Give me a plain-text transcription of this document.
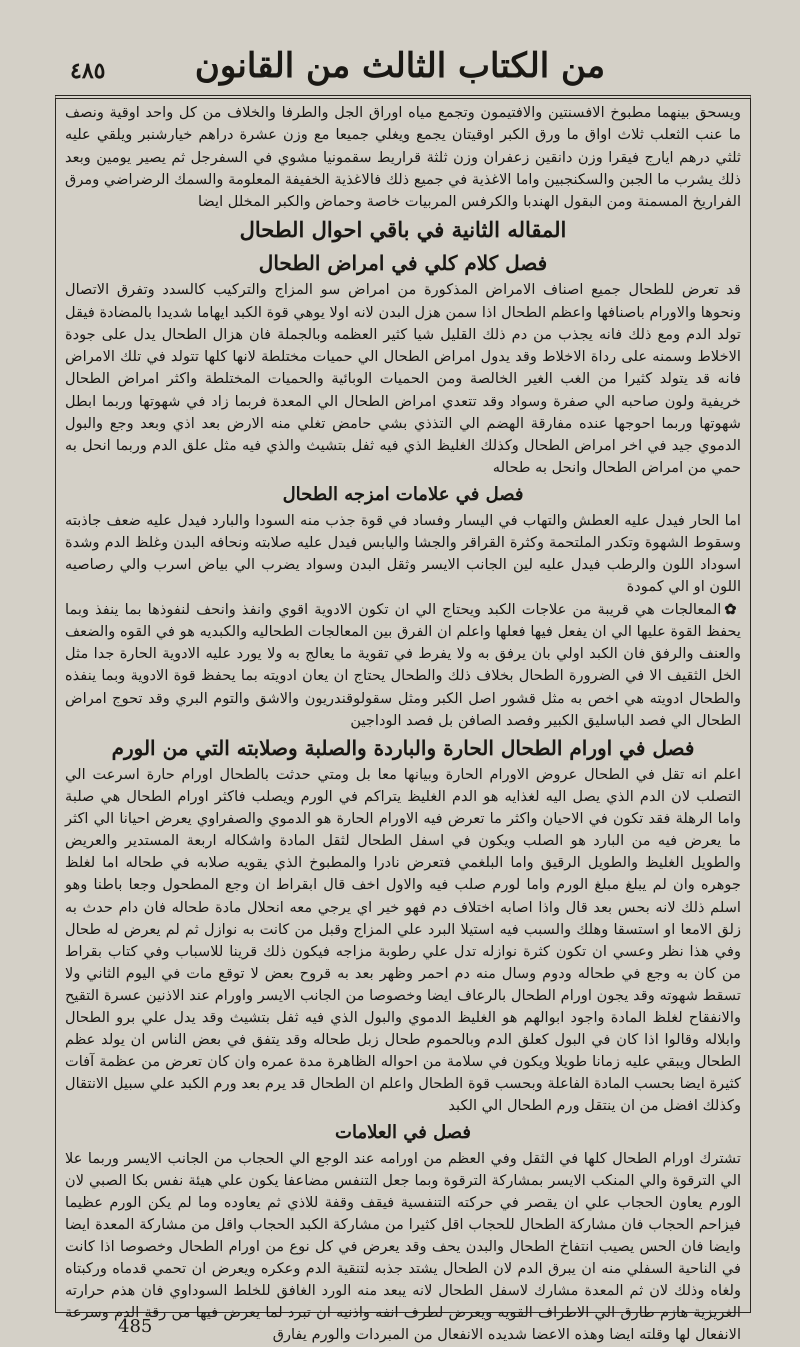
٤٨٥	من الكتاب الثالث من القانون

ويسحق بينهما مطبوخ الافسنتين والافتيمون وتجمع مياه اوراق الجل والطرفا والخلاف من كل واحد اوقية ونصف ما عنب الثعلب ثلاث اواق ما ورق الكبر اوقيتان يجمع ويغلي جميعا مع وزن عشرة دراهم خيارشنبر ويلقي عليه ثلثي درهم ايارج فيقرا وزن دانقين زعفران وزن ثلثة قراريط سقمونيا مشوي في السفرجل ثم يصير يومين وبعد ذلك يشرب ما الجبن والسكنجبين واما الاغذية في جميع ذلك فالاغذية الخفيفة المعلومة والسمك الرضراضي ومرق الفراريخ المسمنة ومن البقول الهندبا والكرفس المربيات خاصة وحماض والكبر المخلل ايضا

المقاله الثانية في باقي احوال الطحال

فصل كلام كلي في امراض الطحال

قد تعرض للطحال جميع اصناف الامراض المذكورة من امراض سو المزاج والتركيب كالسدد وتفرق الاتصال ونحوها والاورام باصنافها واعظم الطحال اذا سمن هزل البدن لانه اولا يوهي قوة الكبد ايهاما شديدا بالمضادة فيقل تولد الدم ومع ذلك فانه يجذب من دم ذلك القليل شيا كثير العظمه وبالجملة فان هزال الطحال يدل على جودة الاخلاط وسمنه على رداة الاخلاط وقد يدول امراض الطحال الي حميات مختلطة لانها كلها تتولد في تلك الامراض فانه قد يتولد كثيرا من الغب الغير الخالصة ومن الحميات الوبائية والحميات المختلطة واكثر امراض الطحال خريفية ولون صاحبه الي صفرة وسواد وقد تتعدي امراض الطحال الي المعدة فربما زاد في شهوتها وربما ابطل شهوتها وربما احوجها عنده مفارقة الهضم الي التذذي بشي حامض تغلي منه الارض بعد اذي وبعد وجع والبول الدموي جيد في اخر امراض الطحال وكذلك الغليظ الذي فيه ثفل بتشيث والذي فيه مثل علق الدم وربما انحل به حمي من امراض الطحال وانحل به طحاله

فصل في علامات امزجه الطحال

اما الحار فيدل عليه العطش والتهاب في اليسار وفساد في قوة جذب منه السودا والبارد فيدل عليه ضعف جاذبته وسقوط الشهوة وتكدر الملتحمة وكثرة القراقر والجشا واليابس فيدل عليه صلابته ونحافه البدن وغلظ الدم وشدة اسوداد اللون والرطب فيدل عليه لين الجانب الايسر وثقل البدن وسواد يضرب الي بياض اسرب والي رصاصيه اللون او الي كمودة

✿المعالجات هي قريبة من علاجات الكبد ويحتاج الي ان تكون الادوية اقوي وانفذ وانحف لنفوذها بما ينفذ وبما يحفظ القوة عليها الي ان يفعل فيها فعلها واعلم ان الفرق بين المعالجات الطحاليه والكبديه هو في القوه والضعف والعنف والرفق فان الكبد اولي بان يرفق به ولا يفرط في تقوية ما يعالج به ولا يورد عليه الادوية الحارة جدا مثل الخل الثقيف الا في الضرورة الطحال بخلاف ذلك والطحال يحتاج ان يعان ادويته بما يحفظ قوة الادوية وبما ينفذه والطحال ادويته هي اخص به مثل قشور اصل الكبر ومثل سقولوقندريون والاشق والتوم البري وقد تحوج امراض الطحال الي فصد الباسليق الكبير وفصد الصافن بل فصد الوداجين

فصل في اورام الطحال الحارة والباردة والصلبة وصلابته التي من الورم

اعلم انه تقل في الطحال عروض الاورام الحارة وبيانها معا بل ومتي حدثت بالطحال اورام حارة اسرعت الي التصلب لان الدم الذي يصل اليه لغذايه هو الدم الغليظ يتراكم في الورم ويصلب فاكثر اورام الطحال هي صلبة واما الرهلة فقد تكون في الاحيان واكثر ما تعرض فيه الاورام الحارة هو الدموي والصفراوي يعرض احيانا الي اكثر ما يعرض فيه من البارد هو الصلب ويكون في اسفل الطحال لثقل المادة واشكاله اربعة المستدير والعريض والطويل الغليظ والطويل الرقيق واما البلغمي فتعرض نادرا والمطبوخ الذي يقويه صلابه في طحاله اما لغلظ جوهره وان لم يبلغ مبلغ الورم واما لورم صلب فيه والاول اخف قال ابقراط ان وجع المطحول وجعا باطنا وهو اسلم ذلك لانه بحس بعد قال واذا اصابه اختلاف دم فهو خير اي يرجي معه انحلال مادة طحاله فان دام حدث به زلق الامعا او استسقا وهلك والسبب فيه استيلا البرد علي المزاج وقبل من كانت به نوازل ثم لم يعرض له طحال وفي هذا نظر وعسي ان تكون كثرة نوازله تدل علي رطوبة مزاجه فيكون ذلك قرينا للاسباب وفي كتاب بقراط من كان به وجع في طحاله ودوم وسال منه دم احمر وظهر بعد به قروح بعض لا توقع مات في اليوم الثاني ولا تسقط شهوته وقد يجون اورام الطحال بالرعاف ايضا وخصوصا من الجانب الايسر واورام عند الاذنين عسرة التقيح والانفقاح لغلظ المادة واجود ابوالهم هو الغليظ الدموي والبول الذي فيه ثفل بتشيث وقد يدل علي برو الطحال وابلاله وقالوا اذا كان في البول كعلق الدم وبالحموم طحال زبل طحاله وقد يتفق في بعض الناس ان يولد عظم الطحال ويبقي عليه زمانا طويلا ويكون في سلامة من احواله الظاهرة مدة عمره وان كان تعرض من عظمة آفات كثيرة ايضا بحسب المادة الفاعلة وبحسب قوة الطحال واعلم ان الطحال قد يرم بعد ورم الكبد علي سبيل الانتقال وكذلك افضل من ان ينتقل ورم الطحال الي الكبد

فصل في العلامات

تشترك اورام الطحال كلها في الثقل وفي العظم من اورامه عند الوجع الي الحجاب من الجانب الايسر وربما علا الي الترقوة والي المنكب الايسر بمشاركة الترقوة وبما جعل التنفس مضاعفا يكون علي هيئة نفس بكا الصبي لان الورم يعاون الحجاب علي ان يقصر في حركته التنفسية فيقف وقفة للاذي ثم يعاوده وما لم يكن الورم عظيما فيزاحم الحجاب فان مشاركة الطحال للحجاب اقل كثيرا من مشاركة الكبد الحجاب واقل من مشاركة المعدة ايضا وايضا فان الحس يصيب انتفاخ الطحال والبدن يحف وقد يعرض في كل نوع من اورام الطحال وخصوصا اذا كانت في الناحية السفلي منه ان يبرق الدم لان الطحال يشتد جذبه لتنقية الدم وعكره ويعرض ان تحمي قدماه وركبتاه ولغاه وذلك لان ثم المعدة مشارك لاسفل الطحال لانه يبعد منه الورد الغافق للخلط السوداوي فان هذم حرارته الغريزية هازم طارق الي الاطراف القويه ويعرض لطرف انفه واذنيه ان تبرد لما يعرض فيها من رقة الدم وسرعة الانفعال لها وقلته ايضا وهذه الاعضا شديده الانفعال من المبردات والورم يفارق

485
